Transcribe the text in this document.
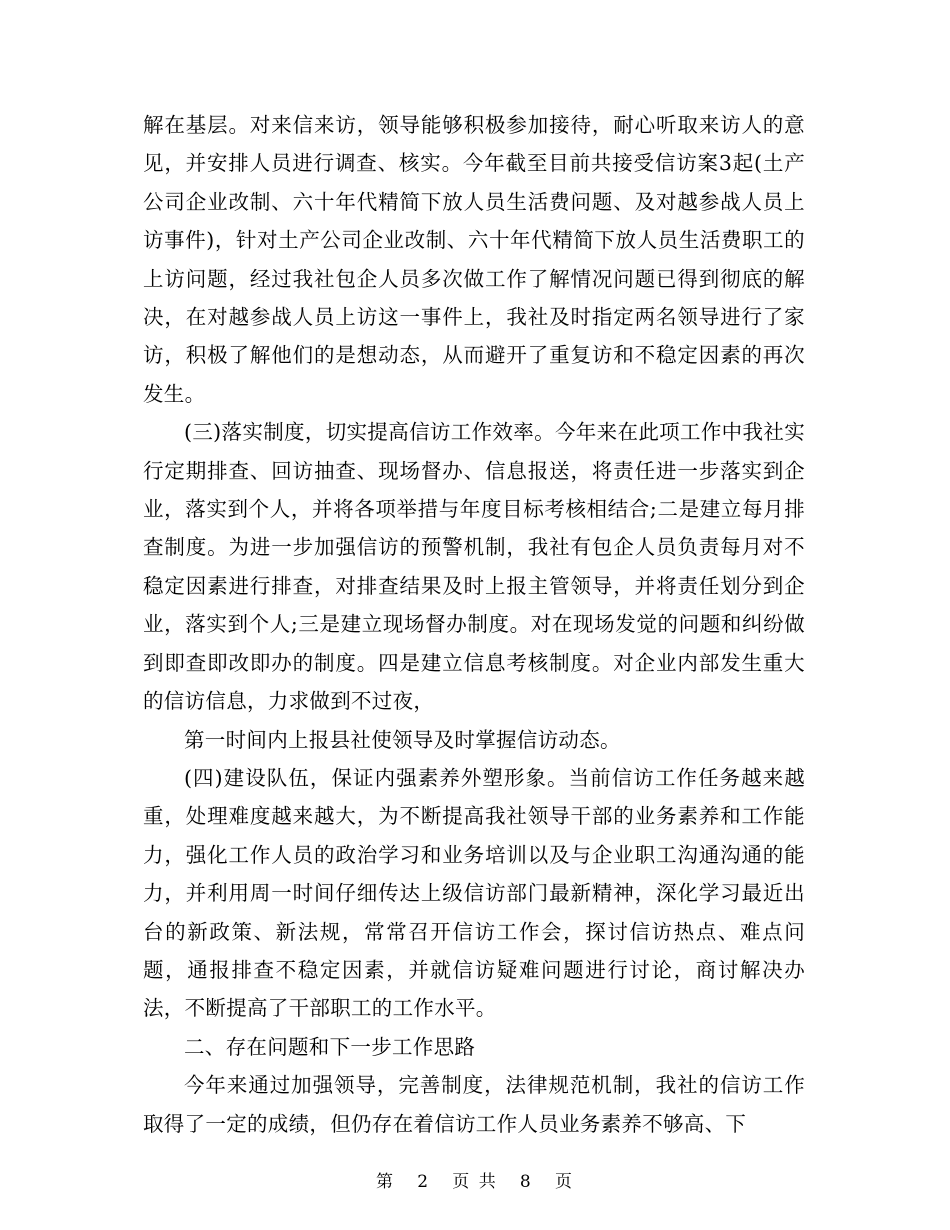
解在基层。对来信来访，领导能够积极参加接待，耐心听取来访人的意见，并安排人员进行调查、核实。今年截至目前共接受信访案3起(土产公司企业改制、六十年代精简下放人员生活费问题、及对越参战人员上访事件)，针对土产公司企业改制、六十年代精简下放人员生活费职工的上访问题，经过我社包企人员多次做工作了解情况问题已得到彻底的解决，在对越参战人员上访这一事件上，我社及时指定两名领导进行了家访，积极了解他们的是想动态，从而避开了重复访和不稳定因素的再次发生。

(三)落实制度，切实提高信访工作效率。今年来在此项工作中我社实行定期排查、回访抽查、现场督办、信息报送，将责任进一步落实到企业，落实到个人，并将各项举措与年度目标考核相结合;二是建立每月排查制度。为进一步加强信访的预警机制，我社有包企人员负责每月对不稳定因素进行排查，对排查结果及时上报主管领导，并将责任划分到企业，落实到个人;三是建立现场督办制度。对在现场发觉的问题和纠纷做到即查即改即办的制度。四是建立信息考核制度。对企业内部发生重大的信访信息，力求做到不过夜，

第一时间内上报县社使领导及时掌握信访动态。

(四)建设队伍，保证内强素养外塑形象。当前信访工作任务越来越重，处理难度越来越大，为不断提高我社领导干部的业务素养和工作能力，强化工作人员的政治学习和业务培训以及与企业职工沟通沟通的能力，并利用周一时间仔细传达上级信访部门最新精神，深化学习最近出台的新政策、新法规，常常召开信访工作会，探讨信访热点、难点问题，通报排查不稳定因素，并就信访疑难问题进行讨论，商讨解决办法，不断提高了干部职工的工作水平。

二、存在问题和下一步工作思路

今年来通过加强领导，完善制度，法律规范机制，我社的信访工作取得了一定的成绩，但仍存在着信访工作人员业务素养不够高、下

第 2 页 共 8 页
